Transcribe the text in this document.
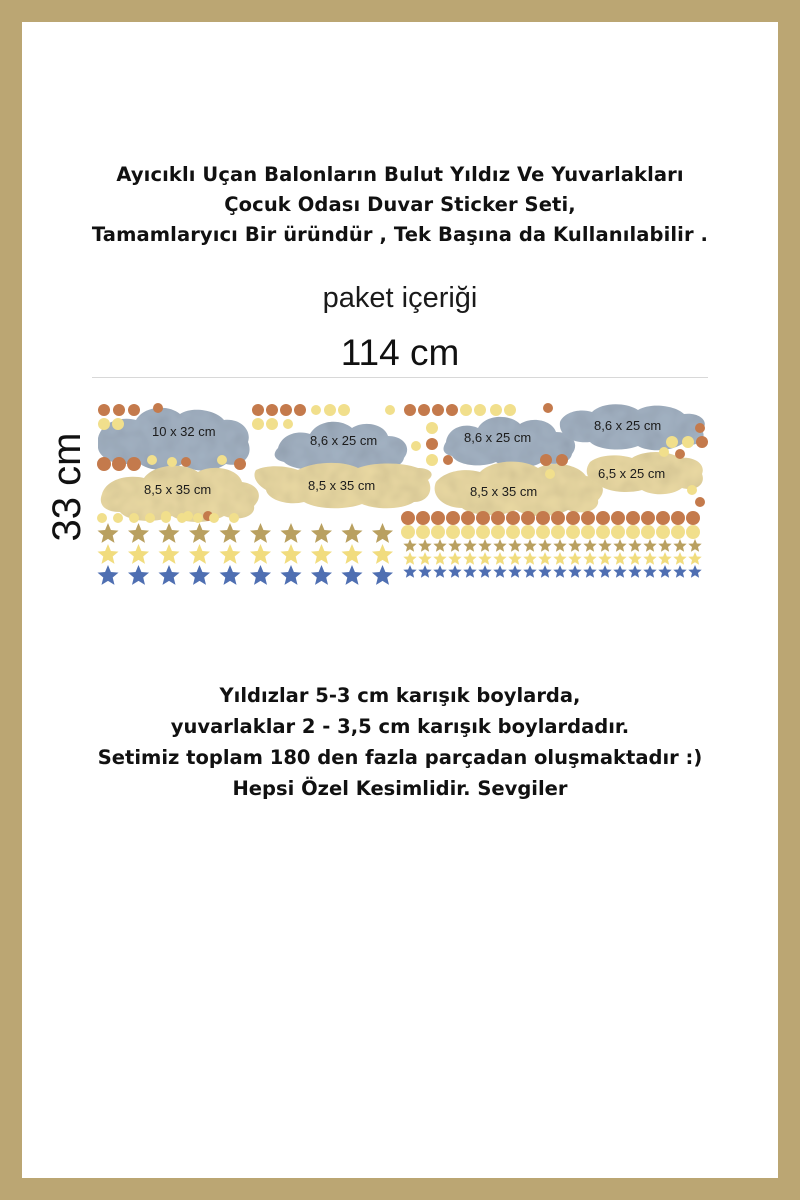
Ayıcıklı Uçan Balonların Bulut Yıldız Ve Yuvarlakları
Çocuk Odası Duvar Sticker Seti,
Tamamlaryıcı Bir üründür , Tek Başına da Kullanılabilir .
paket içeriği
114 cm
33 cm
10 x 32 cm
8,6 x 25 cm	8,6 x 25 cm
8,6 x 25 cm
8,5 x 35 cm	8,5 x 35 cm	8,5 x 35 cm
6,5 x 25 cm
Yıldızlar 5-3 cm karışık boylarda,
yuvarlaklar 2 - 3,5 cm karışık boylardadır.
Setimiz toplam 180 den fazla parçadan oluşmaktadır :)
Hepsi Özel Kesimlidir. Sevgiler
